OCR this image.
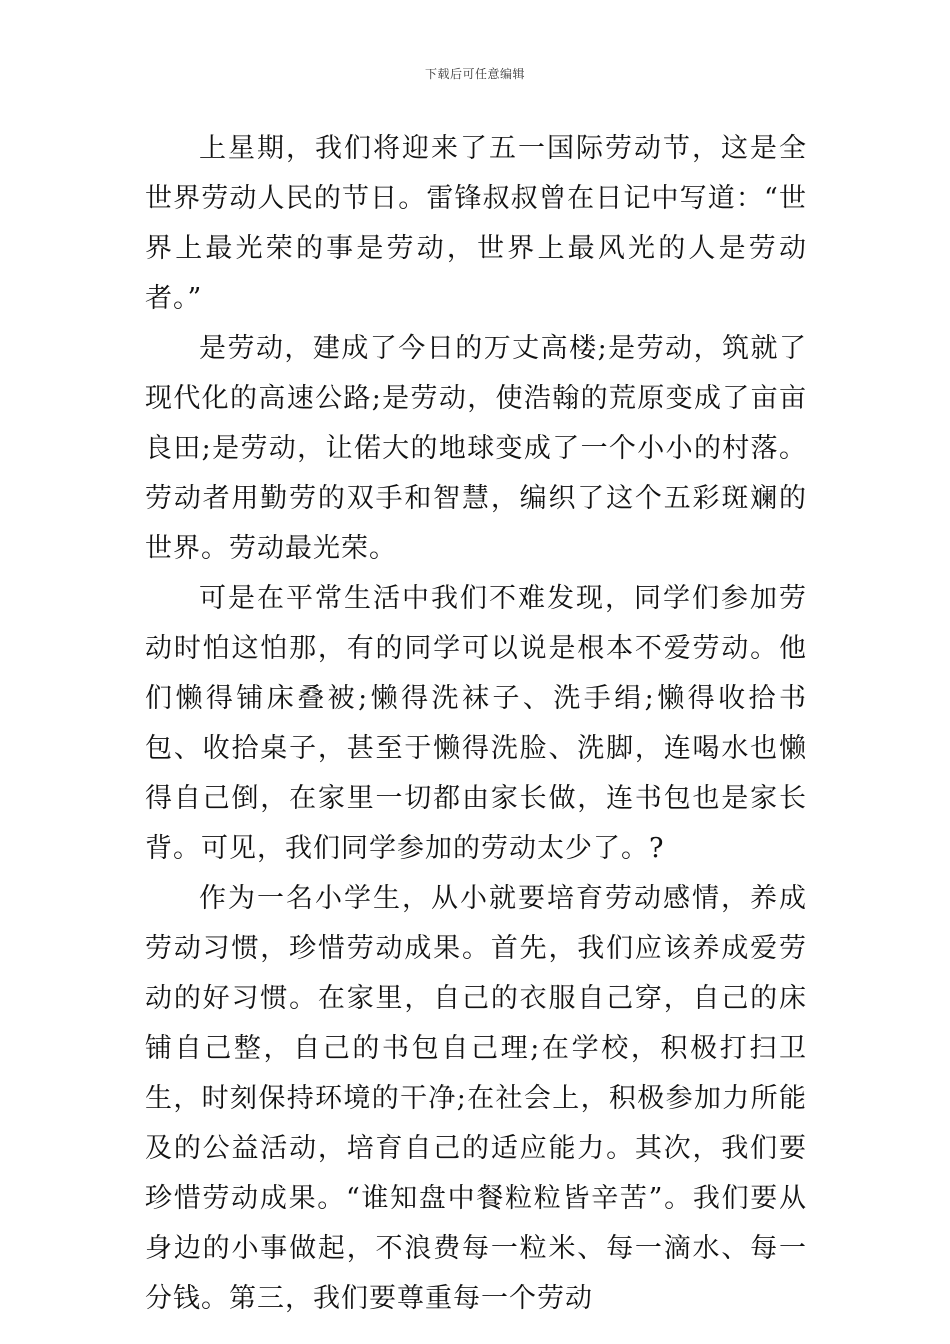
下载后可任意编辑

上星期，我们将迎来了五一国际劳动节，这是全世界劳动人民的节日。雷锋叔叔曾在日记中写道：“世界上最光荣的事是劳动，世界上最风光的人是劳动者。”

是劳动，建成了今日的万丈高楼;是劳动，筑就了现代化的高速公路;是劳动，使浩翰的荒原变成了亩亩良田;是劳动，让偌大的地球变成了一个小小的村落。劳动者用勤劳的双手和智慧，编织了这个五彩斑斓的世界。劳动最光荣。

可是在平常生活中我们不难发现，同学们参加劳动时怕这怕那，有的同学可以说是根本不爱劳动。他们懒得铺床叠被;懒得洗袜子、洗手绢;懒得收拾书包、收拾桌子，甚至于懒得洗脸、洗脚，连喝水也懒得自己倒，在家里一切都由家长做，连书包也是家长背。可见，我们同学参加的劳动太少了。?

作为一名小学生，从小就要培育劳动感情，养成劳动习惯，珍惜劳动成果。首先，我们应该养成爱劳动的好习惯。在家里，自己的衣服自己穿，自己的床铺自己整，自己的书包自己理;在学校，积极打扫卫生，时刻保持环境的干净;在社会上，积极参加力所能及的公益活动，培育自己的适应能力。其次，我们要珍惜劳动成果。“谁知盘中餐粒粒皆辛苦”。我们要从身边的小事做起，不浪费每一粒米、每一滴水、每一分钱。第三，我们要尊重每一个劳动
